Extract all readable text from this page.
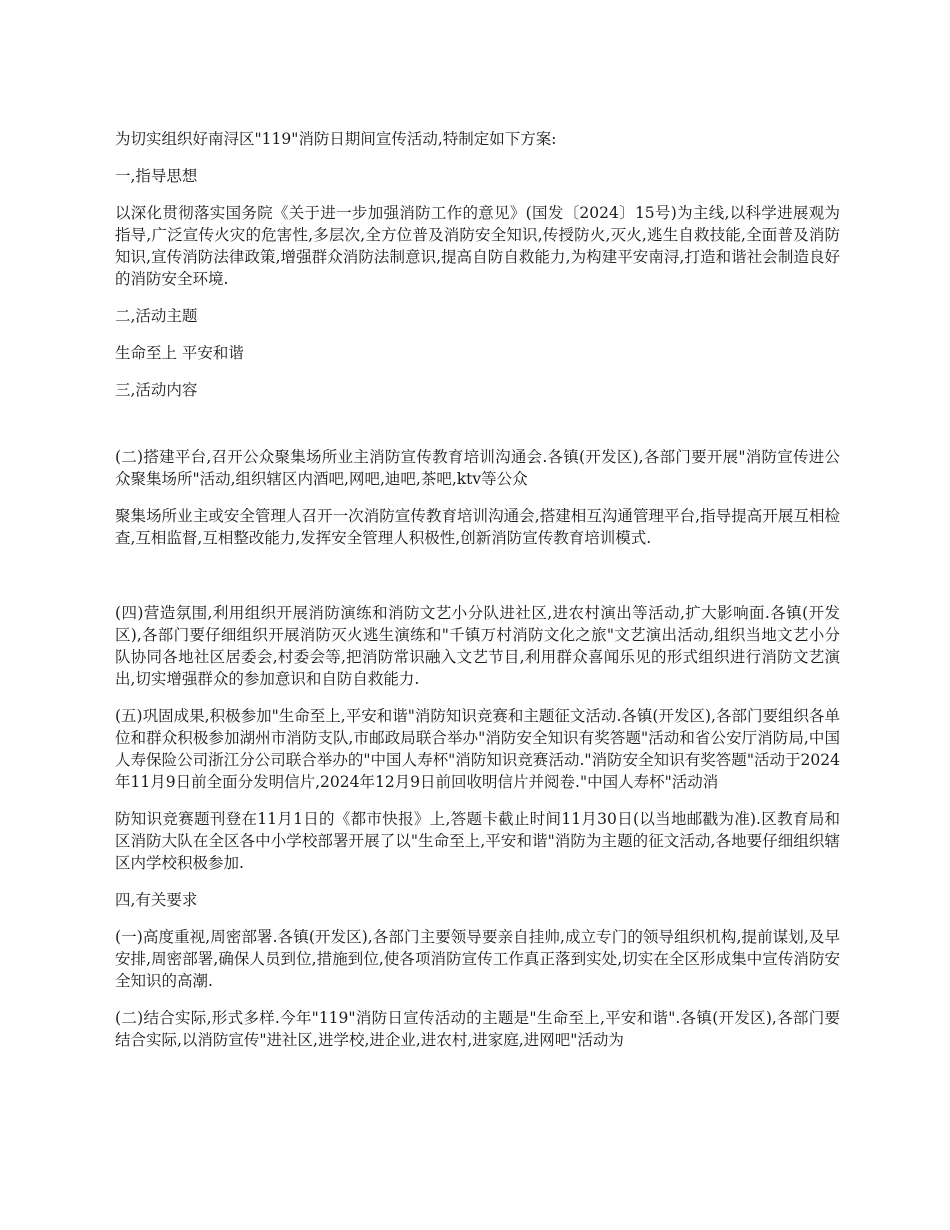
为切实组织好南浔区"119"消防日期间宣传活动,特制定如下方案:

一,指导思想

以深化贯彻落实国务院《关于进一步加强消防工作的意见》(国发〔2024〕15号)为主线,以科学进展观为指导,广泛宣传火灾的危害性,多层次,全方位普及消防安全知识,传授防火,灭火,逃生自救技能,全面普及消防知识,宣传消防法律政策,增强群众消防法制意识,提高自防自救能力,为构建平安南浔,打造和谐社会制造良好的消防安全环境.

二,活动主题

生命至上 平安和谐

三,活动内容

(二)搭建平台,召开公众聚集场所业主消防宣传教育培训沟通会.各镇(开发区),各部门要开展"消防宣传进公众聚集场所"活动,组织辖区内酒吧,网吧,迪吧,茶吧,ktv等公众

聚集场所业主或安全管理人召开一次消防宣传教育培训沟通会,搭建相互沟通管理平台,指导提高开展互相检查,互相监督,互相整改能力,发挥安全管理人积极性,创新消防宣传教育培训模式.

(四)营造氛围,利用组织开展消防演练和消防文艺小分队进社区,进农村演出等活动,扩大影响面.各镇(开发区),各部门要仔细组织开展消防灭火逃生演练和"千镇万村消防文化之旅"文艺演出活动,组织当地文艺小分队协同各地社区居委会,村委会等,把消防常识融入文艺节目,利用群众喜闻乐见的形式组织进行消防文艺演出,切实增强群众的参加意识和自防自救能力.

(五)巩固成果,积极参加"生命至上,平安和谐"消防知识竞赛和主题征文活动.各镇(开发区),各部门要组织各单位和群众积极参加湖州市消防支队,市邮政局联合举办"消防安全知识有奖答题"活动和省公安厅消防局,中国人寿保险公司浙江分公司联合举办的"中国人寿杯"消防知识竞赛活动."消防安全知识有奖答题"活动于2024年11月9日前全面分发明信片,2024年12月9日前回收明信片并阅卷."中国人寿杯"活动消

防知识竞赛题刊登在11月1日的《都市快报》上,答题卡截止时间11月30日(以当地邮戳为准).区教育局和区消防大队在全区各中小学校部署开展了以"生命至上,平安和谐"消防为主题的征文活动,各地要仔细组织辖区内学校积极参加.

四,有关要求

(一)高度重视,周密部署.各镇(开发区),各部门主要领导要亲自挂帅,成立专门的领导组织机构,提前谋划,及早安排,周密部署,确保人员到位,措施到位,使各项消防宣传工作真正落到实处,切实在全区形成集中宣传消防安全知识的高潮.

(二)结合实际,形式多样.今年"119"消防日宣传活动的主题是"生命至上,平安和谐".各镇(开发区),各部门要结合实际,以消防宣传"进社区,进学校,进企业,进农村,进家庭,进网吧"活动为
